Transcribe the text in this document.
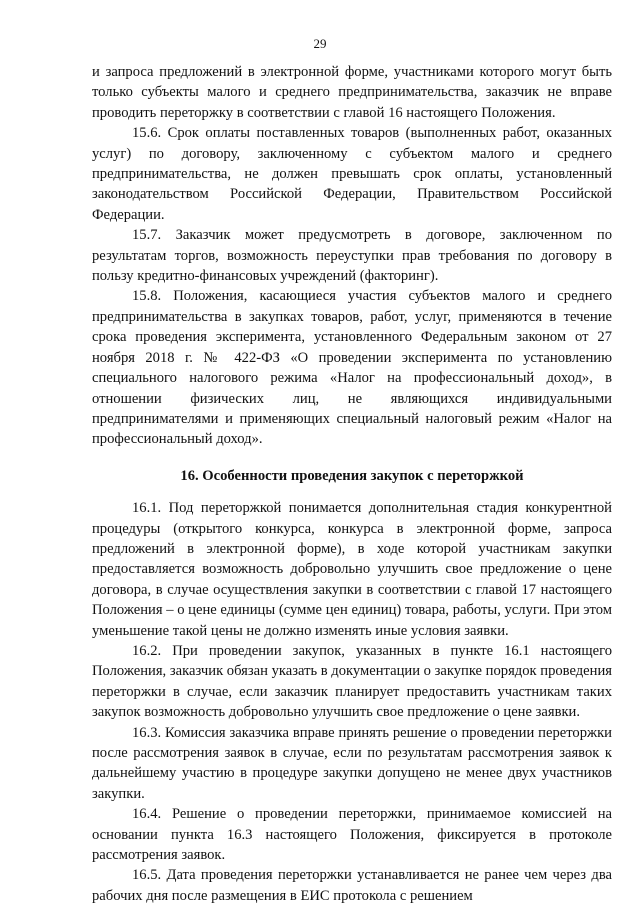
29

и запроса предложений в электронной форме, участниками которого могут быть только субъекты малого и среднего предпринимательства, заказчик не вправе проводить переторжку в соответствии с главой 16 настоящего Положения.

15.6. Срок оплаты поставленных товаров (выполненных работ, оказанных услуг) по договору, заключенному с субъектом малого и среднего предпринимательства, не должен превышать срок оплаты, установленный законодательством Российской Федерации, Правительством Российской Федерации.

15.7. Заказчик может предусмотреть в договоре, заключенном по результатам торгов, возможность переуступки прав требования по договору в пользу кредитно-финансовых учреждений (факторинг).

15.8. Положения, касающиеся участия субъектов малого и среднего предпринимательства в закупках товаров, работ, услуг, применяются в течение срока проведения эксперимента, установленного Федеральным законом от 27 ноября 2018 г. № 422-ФЗ «О проведении эксперимента по установлению специального налогового режима «Налог на профессиональный доход», в отношении физических лиц, не являющихся индивидуальными предпринимателями и применяющих специальный налоговый режим «Налог на профессиональный доход».

16. Особенности проведения закупок с переторжкой

16.1. Под переторжкой понимается дополнительная стадия конкурентной процедуры (открытого конкурса, конкурса в электронной форме, запроса предложений в электронной форме), в ходе которой участникам закупки предоставляется возможность добровольно улучшить свое предложение о цене договора, в случае осуществления закупки в соответствии с главой 17 настоящего Положения – о цене единицы (сумме цен единиц) товара, работы, услуги. При этом уменьшение такой цены не должно изменять иные условия заявки.

16.2. При проведении закупок, указанных в пункте 16.1 настоящего Положения, заказчик обязан указать в документации о закупке порядок проведения переторжки в случае, если заказчик планирует предоставить участникам таких закупок возможность добровольно улучшить свое предложение о цене заявки.

16.3. Комиссия заказчика вправе принять решение о проведении переторжки после рассмотрения заявок в случае, если по результатам рассмотрения заявок к дальнейшему участию в процедуре закупки допущено не менее двух участников закупки.

16.4. Решение о проведении переторжки, принимаемое комиссией на основании пункта 16.3 настоящего Положения, фиксируется в протоколе рассмотрения заявок.

16.5. Дата проведения переторжки устанавливается не ранее чем через два рабочих дня после размещения в ЕИС протокола с решением
